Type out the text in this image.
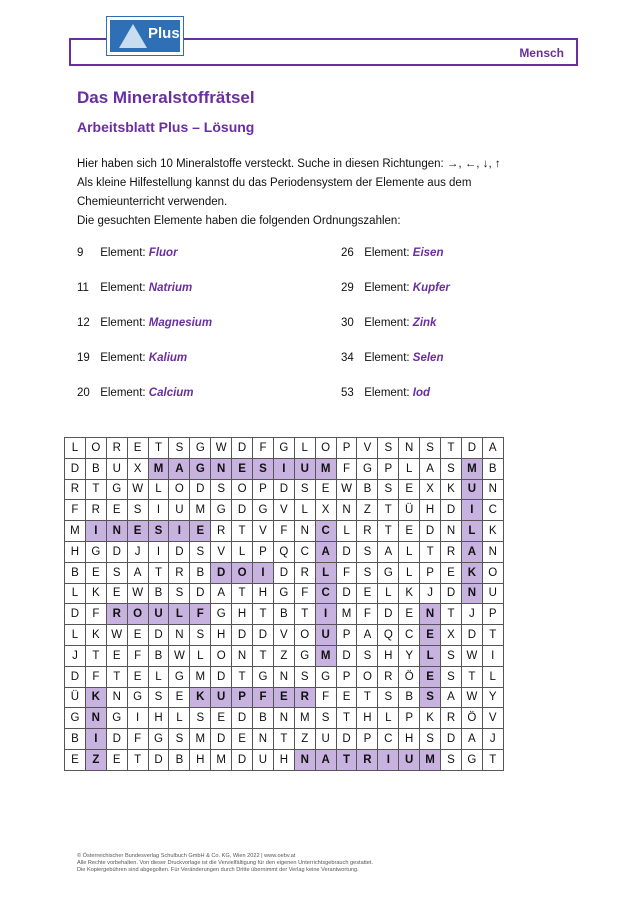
Plus
Mensch
Das Mineralstoffrätsel
Arbeitsblatt Plus – Lösung

Hier haben sich 10 Mineralstoffe versteckt. Suche in diesen Richtungen: →, ←, ↓, ↑

Als kleine Hilfestellung kannst du das Periodensystem der Elemente aus dem

Chemieunterricht verwenden.

Die gesuchten Elemente haben die folgenden Ordnungszahlen:

9 Element: Fluor
11 Element: Natrium
12 Element: Magnesium
19 Element: Kalium
20 Element: Calcium
26 Element: Eisen
29 Element: Kupfer
30 Element: Zink
34 Element: Selen
53 Element: Iod
L	O	R	E	T	S	G	W	D	F	G	L	O	P	V	S	N	S	T	D	A
D	B	U	X	M	A	G	N	E	S	I	U	M	F	G	P	L	A	S	M	B
R	T	G	W	L	O	D	S	O	P	D	S	E	W	B	S	E	X	K	U	N
F	R	E	S	I	U	M	G	D	G	V	L	X	N	Z	T	Ü	H	D	I	C
M	I	N	E	S	I	E	R	T	V	F	N	C	L	R	T	E	D	N	L	K
H	G	D	J	I	D	S	V	L	P	Q	C	A	D	S	A	L	T	R	A	N
B	E	S	A	T	R	B	D	O	I	D	R	L	F	S	G	L	P	E	K	O
L	K	E	W	B	S	D	A	T	H	G	F	C	D	E	L	K	J	D	N	U
D	F	R	O	U	L	F	G	H	T	B	T	I	M	F	D	E	N	T	J	P
L	K	W	E	D	N	S	H	D	D	V	O	U	P	A	Q	C	E	X	D	T
J	T	E	F	B	W	L	O	N	T	Z	G	M	D	S	H	Y	L	S	W	I
D	F	T	E	L	G	M	D	T	G	N	S	G	P	O	R	Ö	E	S	T	L
Ü	K	N	G	S	E	K	U	P	F	E	R	F	E	T	S	B	S	A	W	Y
G	N	G	I	H	L	S	E	D	B	N	M	S	T	H	L	P	K	R	Ö	V
B	I	D	F	G	S	M	D	E	N	T	Z	U	D	P	C	H	S	D	A	J
E	Z	E	T	D	B	H	M	D	U	H	N	A	T	R	I	U	M	S	G	T

© Österreichischer Bundesverlag Schulbuch GmbH & Co. KG, Wien 2022 | www.oebv.at

Alle Rechte vorbehalten. Von dieser Druckvorlage ist die Vervielfältigung für den eigenen Unterrichtsgebrauch gestattet.

Die Kopiergebühren sind abgegolten. Für Veränderungen durch Dritte übernimmt der Verlag keine Verantwortung.
